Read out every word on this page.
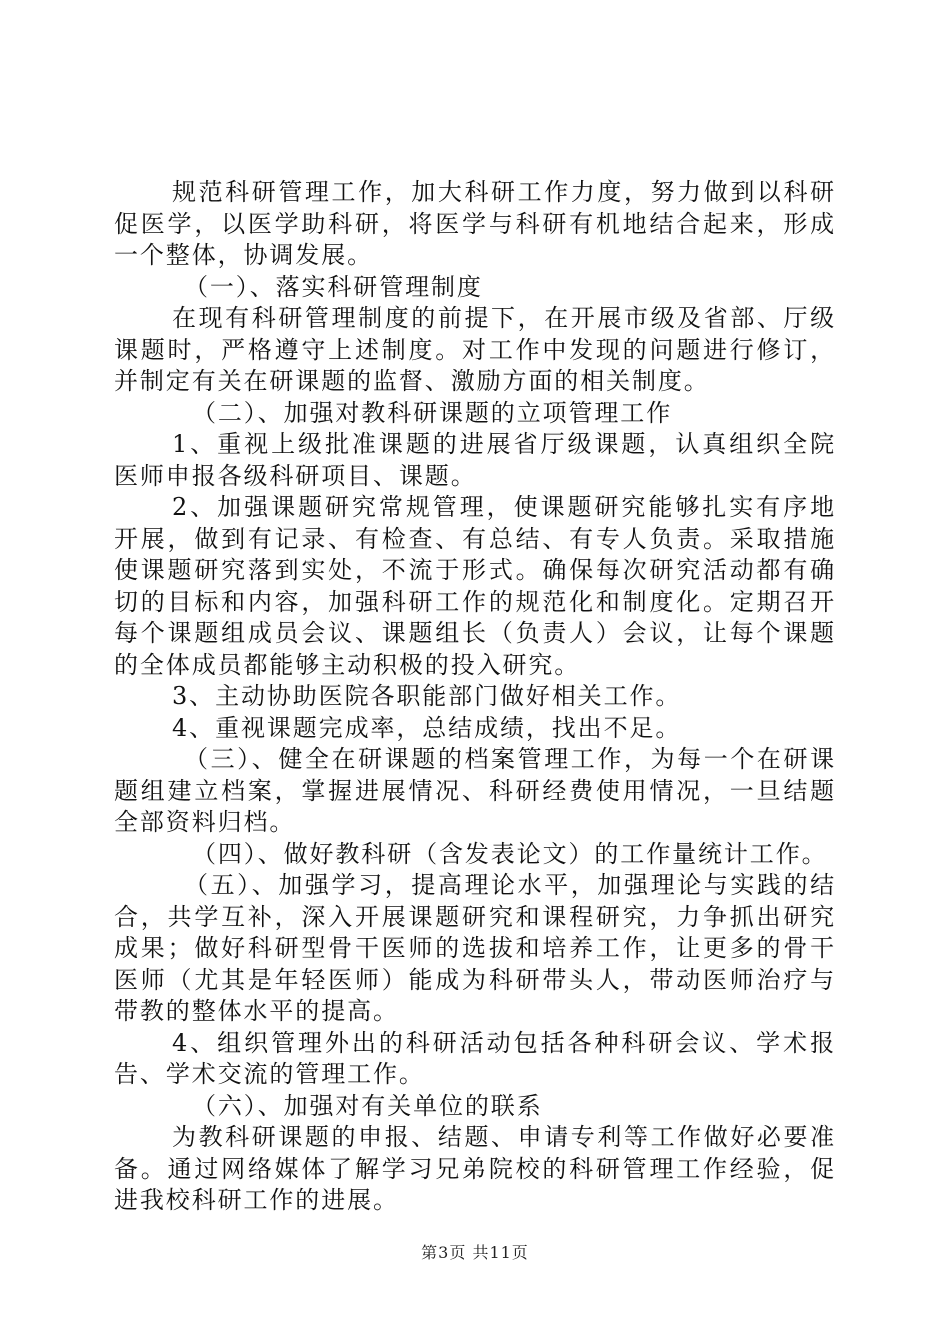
规范科研管理工作，加大科研工作力度，努力做到以科研促医学，以医学助科研，将医学与科研有机地结合起来，形成一个整体，协调发展。

（一）、落实科研管理制度

在现有科研管理制度的前提下，在开展市级及省部、厅级课题时，严格遵守上述制度。对工作中发现的问题进行修订，并制定有关在研课题的监督、激励方面的相关制度。

（二）、加强对教科研课题的立项管理工作

1、重视上级批准课题的进展省厅级课题，认真组织全院医师申报各级科研项目、课题。

2、加强课题研究常规管理，使课题研究能够扎实有序地开展，做到有记录、有检查、有总结、有专人负责。采取措施使课题研究落到实处，不流于形式。确保每次研究活动都有确切的目标和内容，加强科研工作的规范化和制度化。定期召开每个课题组成员会议、课题组长（负责人）会议，让每个课题的全体成员都能够主动积极的投入研究。

3、主动协助医院各职能部门做好相关工作。

4、重视课题完成率，总结成绩，找出不足。

（三）、健全在研课题的档案管理工作，为每一个在研课题组建立档案，掌握进展情况、科研经费使用情况，一旦结题全部资料归档。

（四）、做好教科研（含发表论文）的工作量统计工作。

（五）、加强学习，提高理论水平，加强理论与实践的结合，共学互补，深入开展课题研究和课程研究，力争抓出研究成果；做好科研型骨干医师的选拔和培养工作，让更多的骨干医师（尤其是年轻医师）能成为科研带头人，带动医师治疗与带教的整体水平的提高。

4、组织管理外出的科研活动包括各种科研会议、学术报告、学术交流的管理工作。

（六）、加强对有关单位的联系

为教科研课题的申报、结题、申请专利等工作做好必要准备。通过网络媒体了解学习兄弟院校的科研管理工作经验，促进我校科研工作的进展。

第3页 共11页
